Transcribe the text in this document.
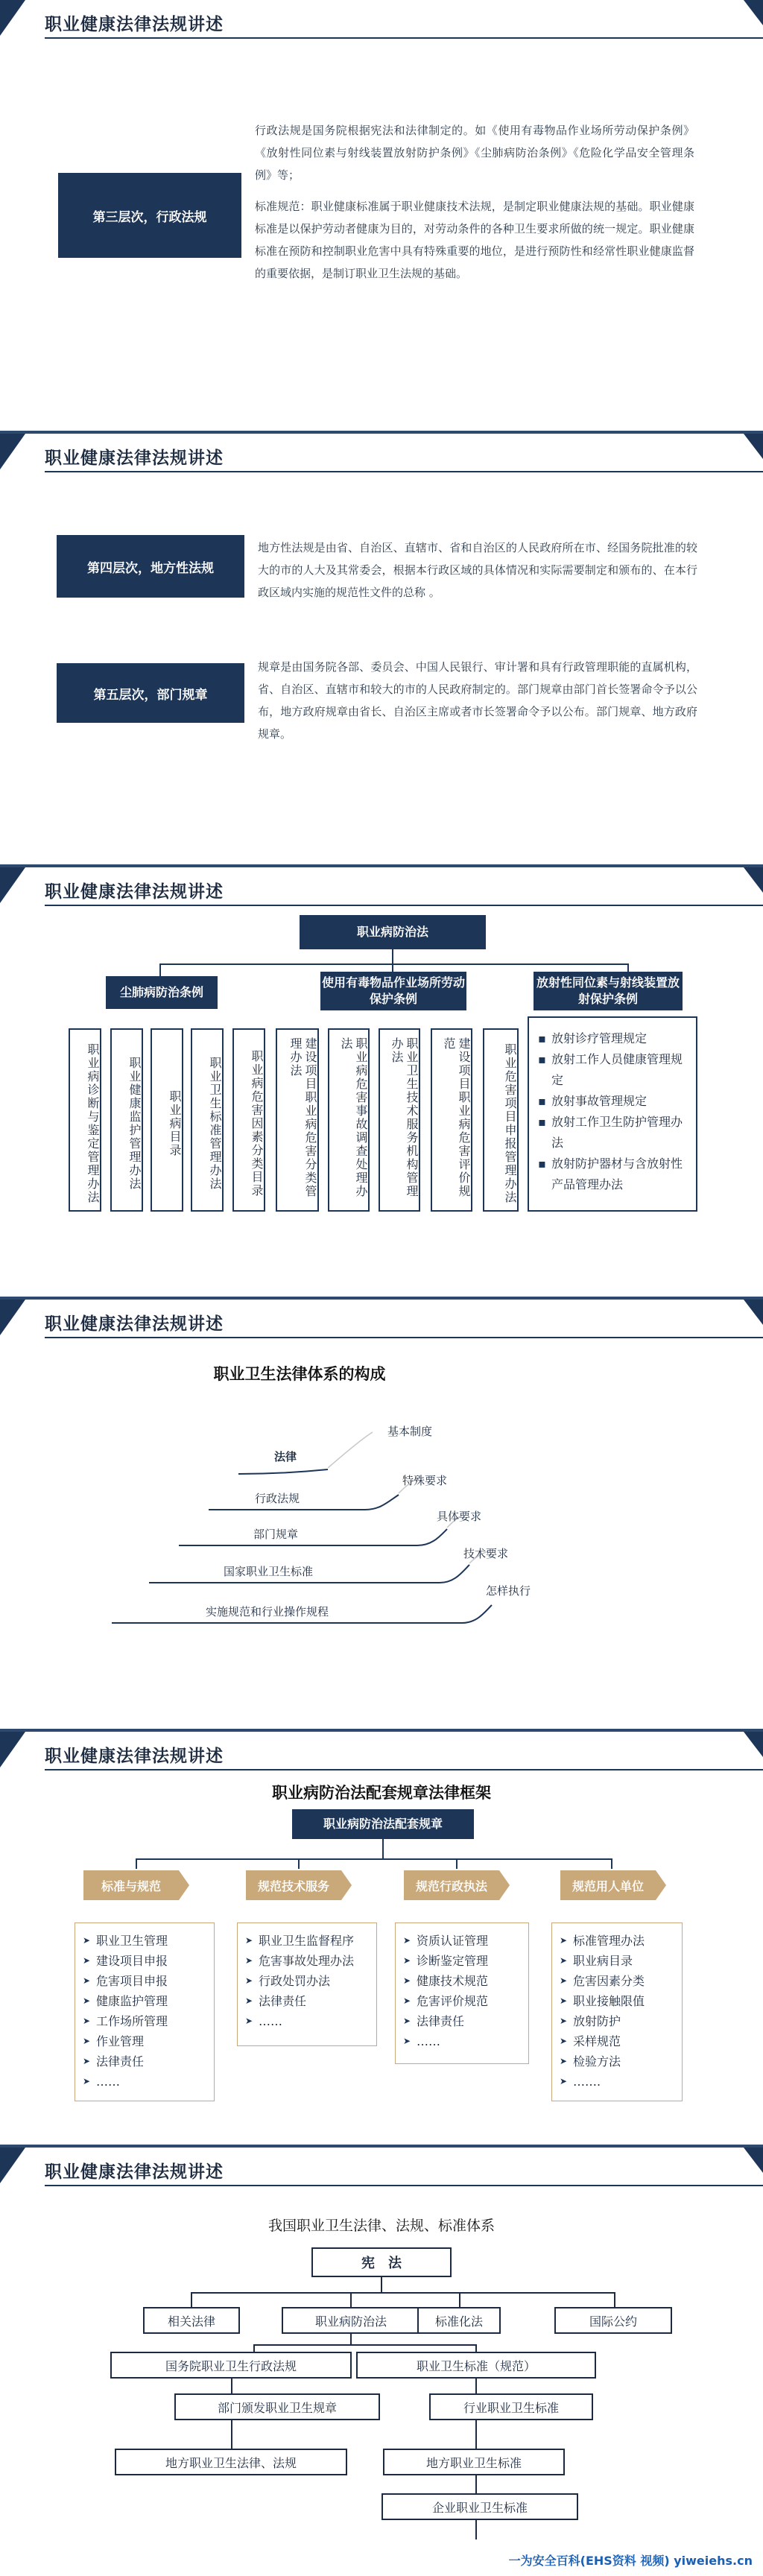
职业健康法律法规讲述
第三层次，行政法规
行政法规是国务院根据宪法和法律制定的。如《使用有毒物品作业场所劳动保护条例》《放射性同位素与射线装置放射防护条例》《尘肺病防治条例》《危险化学品安全管理条例》等；
标准规范：职业健康标准属于职业健康技术法规，是制定职业健康法规的基础。职业健康标准是以保护劳动者健康为目的，对劳动条件的各种卫生要求所做的统一规定。职业健康标准在预防和控制职业危害中具有特殊重要的地位，是进行预防性和经常性职业健康监督的重要依据，是制订职业卫生法规的基础。
职业健康法律法规讲述
第四层次，地方性法规
地方性法规是由省、自治区、直辖市、省和自治区的人民政府所在市、经国务院批准的较大的市的人大及其常委会，根据本行政区域的具体情况和实际需要制定和颁布的、在本行政区域内实施的规范性文件的总称 。
第五层次，部门规章
规章是由国务院各部、委员会、中国人民银行、审计署和具有行政管理职能的直属机构，省、自治区、直辖市和较大的市的人民政府制定的。部门规章由部门首长签署命令予以公布，地方政府规章由省长、自治区主席或者市长签署命令予以公布。部门规章、地方政府规章。
职业健康法律法规讲述
职业病防治法
尘肺病防治条例
使用有毒物品作业场所劳动保护条例
放射性同位素与射线装置放射保护条例
职业病诊断与鉴定管理办法	职业健康监护管理办法	职业病目录	职业卫生标准管理办法	职业病危害因素分类目录	建设项目职业病危害分类管理办法	职业病危害事故调查处理办法	职业卫生技术服务机构管理办法	建设项目职业病危害评价规范	职业危害项目申报管理办法
▪ 放射诊疗管理规定
▪ 放射工作人员健康管理规定
▪ 放射事故管理规定
▪ 放射工作卫生防护管理办法
▪ 放射防护器材与含放射性产品管理办法
职业健康法律法规讲述
职业卫生法律体系的构成
法律
行政法规
部门规章
国家职业卫生标准
实施规范和行业操作规程
基本制度
特殊要求
具体要求
技术要求
怎样执行
职业健康法律法规讲述
职业病防治法配套规章法律框架
职业病防治法配套规章
标准与规范	规范技术服务	规范行政执法	规范用人单位
➤ 职业卫生管理
➤ 建设项目申报
➤ 危害项目申报
➤ 健康监护管理
➤ 工作场所管理
➤ 作业管理
➤ 法律责任
➤ ……
➤ 职业卫生监督程序
➤ 危害事故处理办法
➤ 行政处罚办法
➤ 法律责任
➤ ……
➤ 资质认证管理
➤ 诊断鉴定管理
➤ 健康技术规范
➤ 危害评价规范
➤ 法律责任
➤ ……
➤ 标准管理办法
➤ 职业病目录
➤ 危害因素分类
➤ 职业接触限值
➤ 放射防护
➤ 采样规范
➤ 检验方法
➤ …….
职业健康法律法规讲述
我国职业卫生法律、法规、标准体系
宪　法
相关法律	职业病防治法	标准化法	国际公约
国务院职业卫生行政法规	职业卫生标准（规范）
部门颁发职业卫生规章
地方职业卫生法律、法规
行业职业卫生标准
地方职业卫生标准
企业职业卫生标准
一为安全百科(EHS资料 视频) yiweiehs.cn
